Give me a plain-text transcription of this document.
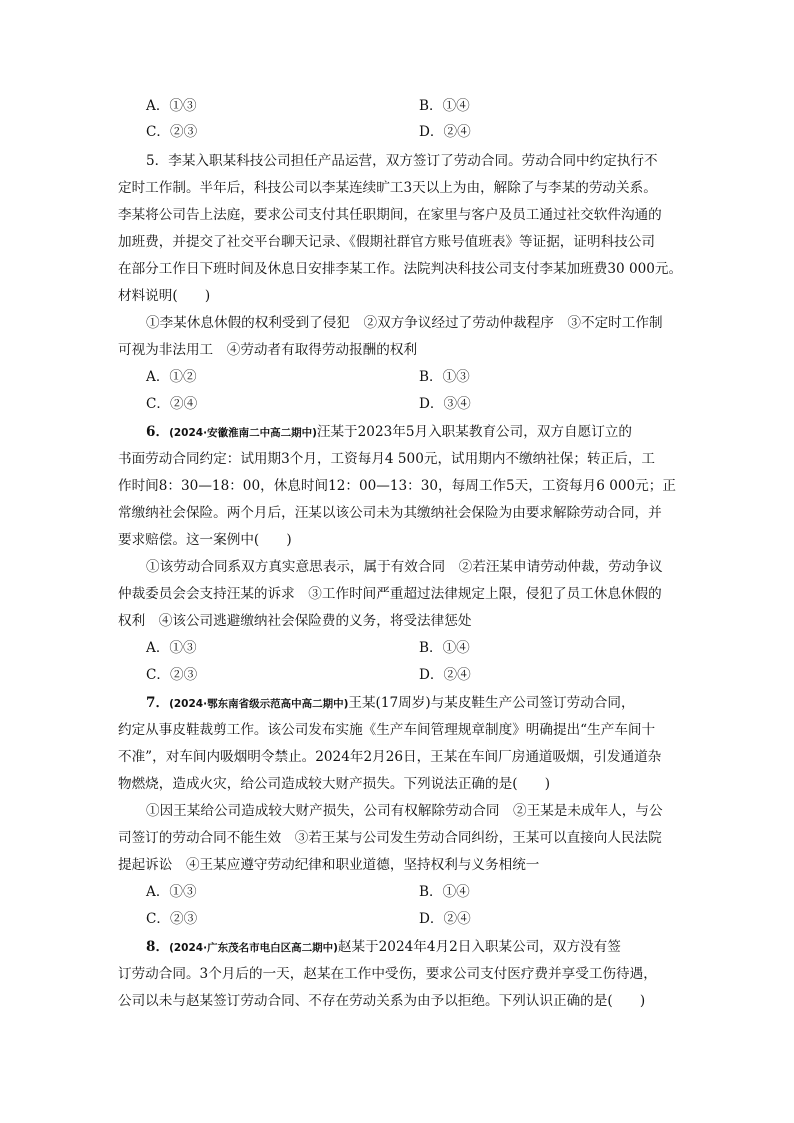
A．①③	B．①④
C．②③	D．②④
5．李某入职某科技公司担任产品运营，双方签订了劳动合同。劳动合同中约定执行不
定时工作制。半年后，科技公司以李某连续旷工3天以上为由，解除了与李某的劳动关系。
李某将公司告上法庭，要求公司支付其任职期间，在家里与客户及员工通过社交软件沟通的
加班费，并提交了社交平台聊天记录、《假期社群官方账号值班表》等证据，证明科技公司
在部分工作日下班时间及休息日安排李某工作。法院判决科技公司支付李某加班费30 000元。
材料说明(　　)
①李某休息休假的权利受到了侵犯　②双方争议经过了劳动仲裁程序　③不定时工作制
可视为非法用工　④劳动者有取得劳动报酬的权利
A．①②	B．①③
C．②④	D．③④
6．(2024·安徽淮南二中高二期中)汪某于2023年5月入职某教育公司，双方自愿订立的
书面劳动合同约定：试用期3个月，工资每月4 500元，试用期内不缴纳社保；转正后，工
作时间8：30—18：00，休息时间12：00—13：30，每周工作5天，工资每月6 000元；正
常缴纳社会保险。两个月后，汪某以该公司未为其缴纳社会保险为由要求解除劳动合同，并
要求赔偿。这一案例中(　　)
①该劳动合同系双方真实意思表示，属于有效合同　②若汪某申请劳动仲裁，劳动争议
仲裁委员会会支持汪某的诉求　③工作时间严重超过法律规定上限，侵犯了员工休息休假的
权利　④该公司逃避缴纳社会保险费的义务，将受法律惩处
A．①③	B．①④
C．②③	D．②④
7．(2024·鄂东南省级示范高中高二期中)王某(17周岁)与某皮鞋生产公司签订劳动合同，
约定从事皮鞋裁剪工作。该公司发布实施《生产车间管理规章制度》明确提出“生产车间十
不准”，对车间内吸烟明令禁止。2024年2月26日，王某在车间厂房通道吸烟，引发通道杂
物燃烧，造成火灾，给公司造成较大财产损失。下列说法正确的是(　　)
①因王某给公司造成较大财产损失，公司有权解除劳动合同　②王某是未成年人，与公
司签订的劳动合同不能生效　③若王某与公司发生劳动合同纠纷，王某可以直接向人民法院
提起诉讼　④王某应遵守劳动纪律和职业道德，坚持权利与义务相统一
A．①③	B．①④
C．②③	D．②④
8．(2024·广东茂名市电白区高二期中)赵某于2024年4月2日入职某公司，双方没有签
订劳动合同。3个月后的一天，赵某在工作中受伤，要求公司支付医疗费并享受工伤待遇，
公司以未与赵某签订劳动合同、不存在劳动关系为由予以拒绝。下列认识正确的是(　　)
